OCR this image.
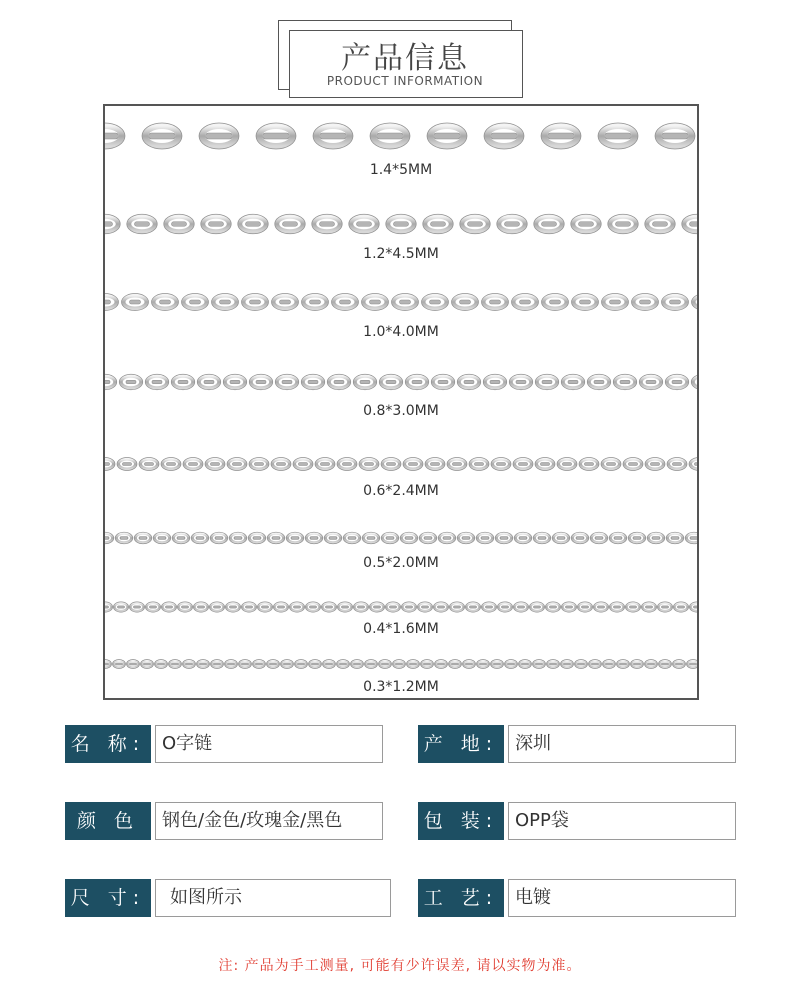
产品信息
PRODUCT INFORMATION
1.4*5MM
1.2*4.5MM
1.0*4.0MM
0.8*3.0MM
0.6*2.4MM
0.5*2.0MM
0.4*1.6MM
0.3*1.2MM
名 称: O字链	产 地: 深圳
颜 色	钢色/金色/玫瑰金/黑色	包 装: OPP袋
尺 寸:	如图所示	工 艺: 电镀
注: 产品为手工测量, 可能有少许误差, 请以实物为准。
